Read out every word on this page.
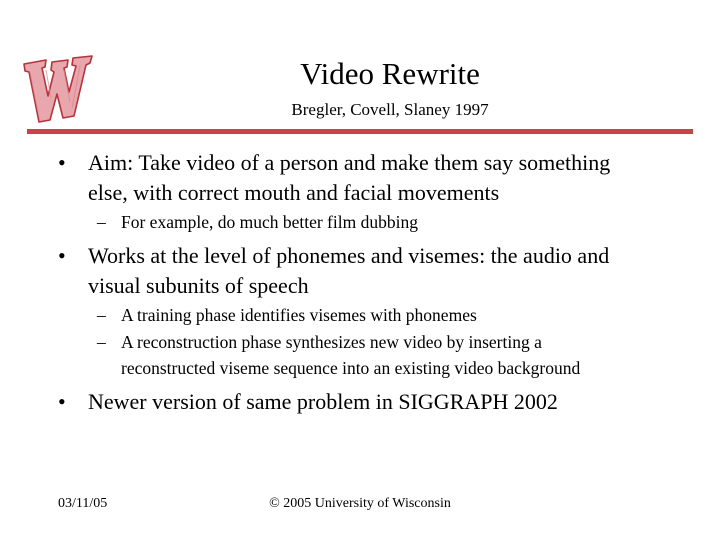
Video Rewrite
Bregler, Covell, Slaney 1997
• Aim: Take video of a person and make them say something
else, with correct mouth and facial movements
– For example, do much better film dubbing
• Works at the level of phonemes and visemes: the audio and
visual subunits of speech
– A training phase identifies visemes with phonemes
– A reconstruction phase synthesizes new video by inserting a
reconstructed viseme sequence into an existing video background
• Newer version of same problem in SIGGRAPH 2002
03/11/05	© 2005 University of Wisconsin
